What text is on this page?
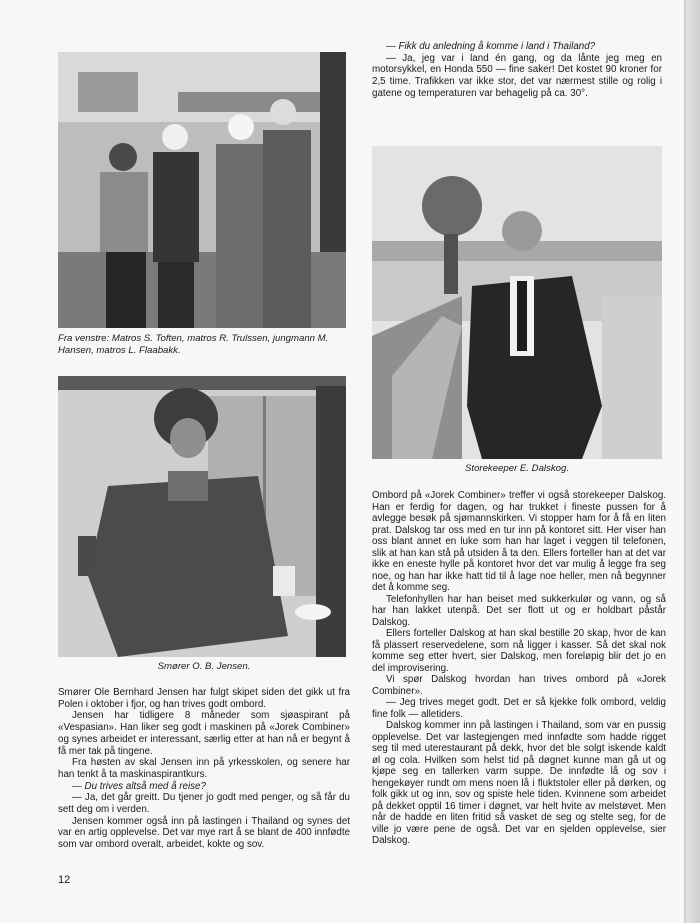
Fra venstre: Matros S. Toften, matros R. Trulssen, jungmann M. Hansen, matros L. Flaabakk.
Storekeeper E. Dalskog.
Smører O. B. Jensen.

— Fikk du anledning å komme i land i Thailand?

— Ja, jeg var i land én gang, og da lånte jeg meg en motorsykkel, en Honda 550 — fine saker! Det kostet 90 kroner for 2,5 time. Trafikken var ikke stor, det var nærmest stille og rolig i gatene og temperaturen var behagelig på ca. 30°.

Smører Ole Bernhard Jensen har fulgt skipet siden det gikk ut fra Polen i oktober i fjor, og han trives godt ombord.

Jensen har tidligere 8 måneder som sjøaspirant på «Vespasian». Han liker seg godt i maskinen på «Jorek Combiner» og synes arbeidet er interessant, særlig etter at han nå er begynt å få mer tak på tingene.

Fra høsten av skal Jensen inn på yrkesskolen, og senere har han tenkt å ta maskinaspirantkurs.

— Du trives altså med å reise?

— Ja, det går greitt. Du tjener jo godt med penger, og så får du sett deg om i verden.

Jensen kommer også inn på lastingen i Thailand og synes det var en artig opplevelse. Det var mye rart å se blant de 400 innfødte som var ombord overalt, arbeidet, kokte og sov.

Ombord på «Jorek Combiner» treffer vi også storekeeper Dalskog. Han er ferdig for dagen, og har trukket i fineste pussen for å avlegge besøk på sjømannskirken. Vi stopper ham for å få en liten prat. Dalskog tar oss med en tur inn på kontoret sitt. Her viser han oss blant annet en luke som han har laget i veggen til telefonen, slik at han kan stå på utsiden å ta den. Ellers forteller han at det var ikke en eneste hylle på kontoret hvor det var mulig å legge fra seg noe, og han har ikke hatt tid til å lage noe heller, men nå begynner det å komme seg.

Telefonhyllen har han beiset med sukkerkulør og vann, og så har han lakket utenpå. Det ser flott ut og er holdbart påstår Dalskog.

Ellers forteller Dalskog at han skal bestille 20 skap, hvor de kan få plassert reservedelene, som nå ligger i kasser. Så det skal nok komme seg etter hvert, sier Dalskog, men foreløpig blir det jo en del improvisering.

Vi spør Dalskog hvordan han trives ombord på «Jorek Combiner».

— Jeg trives meget godt. Det er så kjekke folk ombord, veldig fine folk — alletiders.

Dalskog kommer inn på lastingen i Thailand, som var en pussig opplevelse. Det var lastegjengen med innfødte som hadde rigget seg til med uterestaurant på dekk, hvor det ble solgt iskende kaldt øl og cola. Hvilken som helst tid på døgnet kunne man gå ut og kjøpe seg en tallerken varm suppe. De innfødte lå og sov i hengekøyer rundt om mens noen lå i fluktstoler eller på dørken, og folk gikk ut og inn, sov og spiste hele tiden. Kvinnene som arbeidet på dekket opptil 16 timer i døgnet, var helt hvite av melstøvet. Men når de hadde en liten fritid så vasket de seg og stelte seg, for de ville jo være pene de også. Det var en sjelden opplevelse, sier Dalskog.

12
